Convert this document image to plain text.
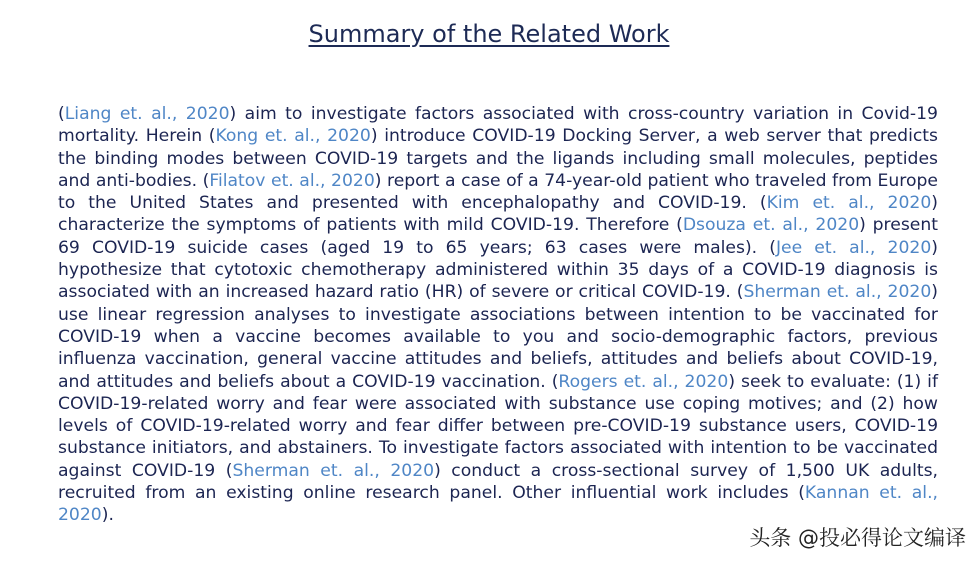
Summary of the Related Work

(Liang et. al., 2020) aim to investigate factors associated with cross-country variation in Covid-19 mortality. Herein (Kong et. al., 2020) introduce COVID-19 Docking Server, a web server that predicts the binding modes between COVID-19 targets and the ligands including small molecules, peptides and anti-bodies. (Filatov et. al., 2020) report a case of a 74-year-old patient who traveled from Europe to the United States and presented with encephalopathy and COVID-19. (Kim et. al., 2020) characterize the symptoms of patients with mild COVID-19. Therefore (Dsouza et. al., 2020) present 69 COVID-19 suicide cases (aged 19 to 65 years; 63 cases were males). (Jee et. al., 2020) hypothesize that cytotoxic chemotherapy administered within 35 days of a COVID-19 diagnosis is associated with an increased hazard ratio (HR) of severe or critical COVID-19. (Sherman et. al., 2020) use linear regression analyses to investigate associations between intention to be vaccinated for COVID-19 when a vaccine becomes available to you and socio-demographic factors, previous influenza vaccination, general vaccine attitudes and beliefs, attitudes and beliefs about COVID-19, and attitudes and beliefs about a COVID-19 vaccination. (Rogers et. al., 2020) seek to evaluate: (1) if COVID-19-related worry and fear were associated with substance use coping motives; and (2) how levels of COVID-19-related worry and fear differ between pre-COVID-19 substance users, COVID-19 substance initiators, and abstainers. To investigate factors associated with intention to be vaccinated against COVID-19 (Sherman et. al., 2020) conduct a cross-sectional survey of 1,500 UK adults, recruited from an existing online research panel. Other influential work includes (Kannan et. al., 2020).

头条 @投必得论文编译
